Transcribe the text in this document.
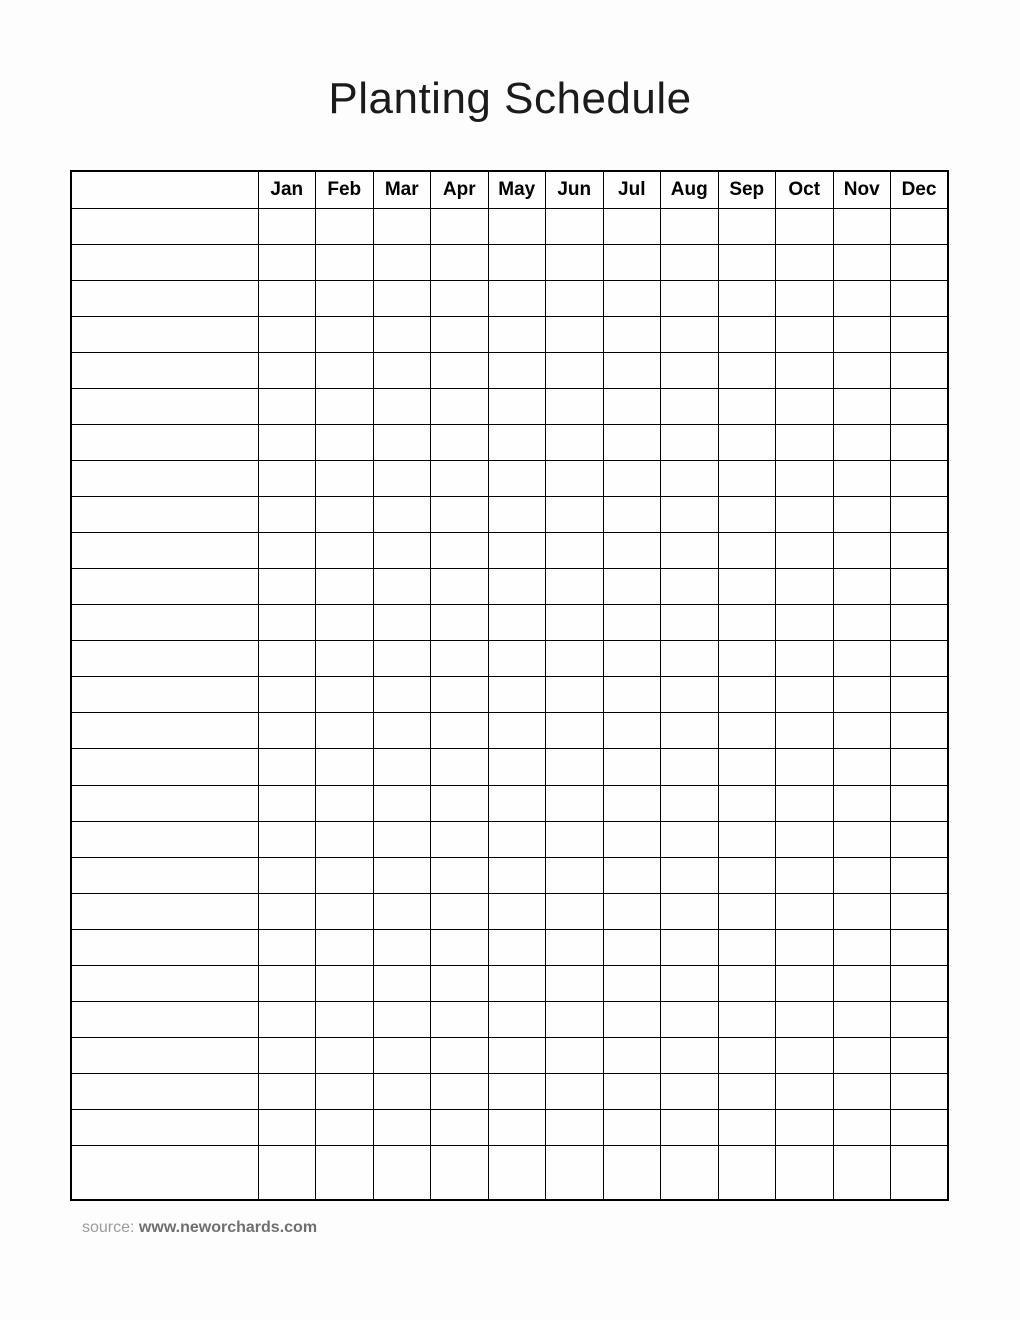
Planting Schedule
	Jan	Feb	Mar	Apr	May	Jun	Jul	Aug	Sep	Oct	Nov	Dec

source: www.neworchards.com
